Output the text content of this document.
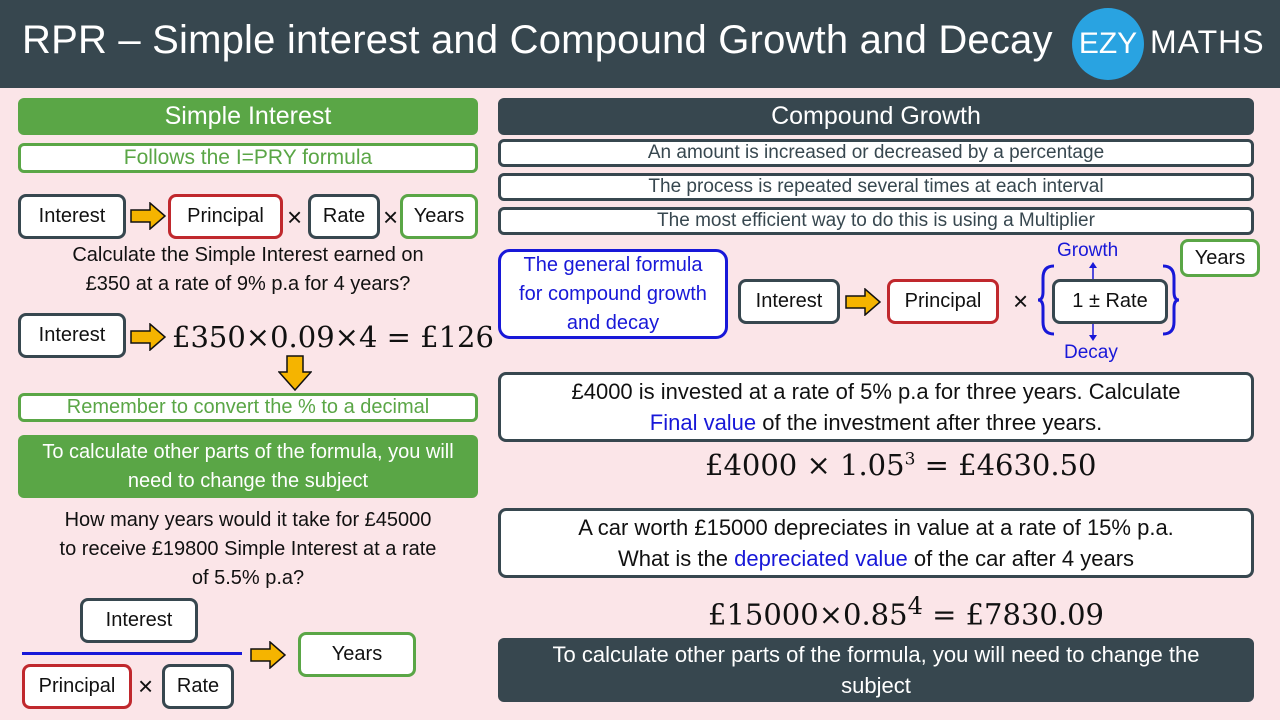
RPR – Simple interest and Compound Growth and Decay EZY MATHS
Simple Interest
Follows the I=PRY formula
Interest	Principal ×	Rate × Years
Calculate the Simple Interest earned on
£350 at a rate of 9% p.a for 4 years?
Interest	£350×0.09×4 = £126
Remember to convert the % to a decimal
To calculate other parts of the formula, you will need to change the subject
How many years would it take for £45000
to receive £19800 Simple Interest at a rate
of 5.5% p.a?
Interest
Principal ×	Rate
Years
Compound Growth
An amount is increased or decreased by a percentage
The process is repeated several times at each interval
The most efficient way to do this is using a Multiplier
The general formula for compound growth and decay
Interest	Principal	×	1 ± Rate
Growth
Decay
Years
£4000 is invested at a rate of 5% p.a for three years. Calculate
Final value of the investment after three years.
£4000 × $1.05^3$ = £4630.50
A car worth £15000 depreciates in value at a rate of 15% p.a.
What is the depreciated value of the car after 4 years
$£15000\times 0.85^4$ = £7830.09
To calculate other parts of the formula, you will need to change the subject
